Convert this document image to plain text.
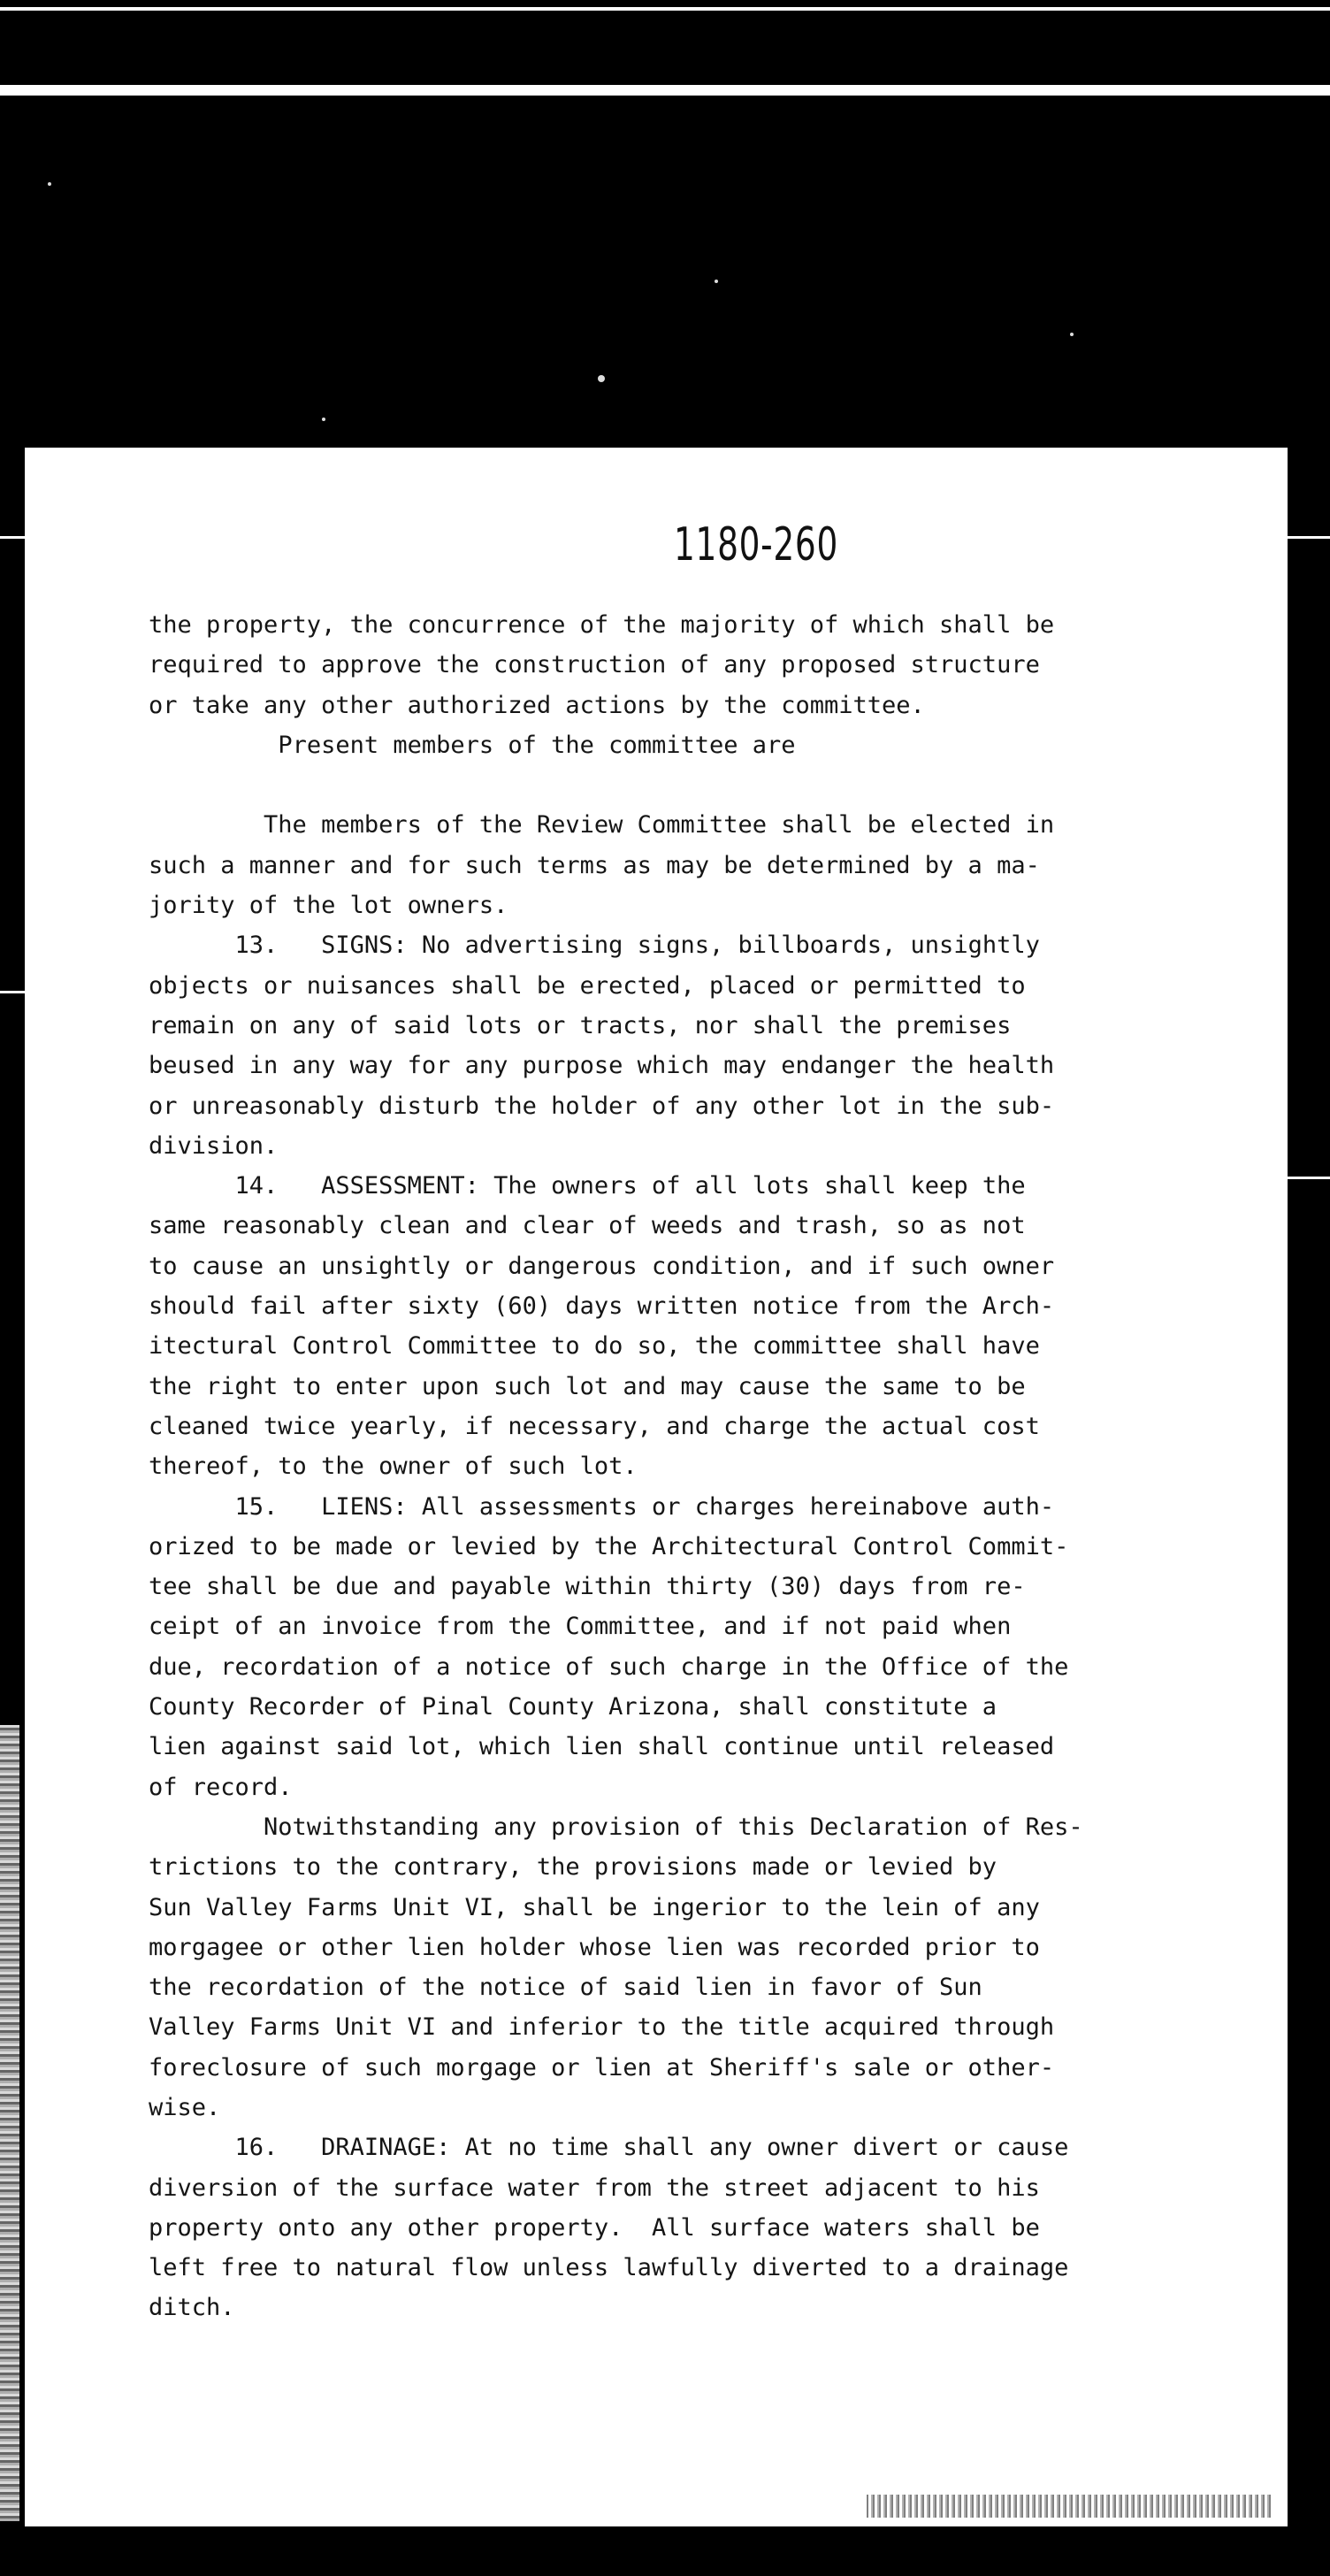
1180-260
the property, the concurrence of the majority of which shall be
required to approve the construction of any proposed structure
or take any other authorized actions by the committee.
Present members of the committee are
The members of the Review Committee shall be elected in
such a manner and for such terms as may be determined by a ma-
jority of the lot owners.
13.   SIGNS: No advertising signs, billboards, unsightly
objects or nuisances shall be erected, placed or permitted to
remain on any of said lots or tracts, nor shall the premises
beused in any way for any purpose which may endanger the health
or unreasonably disturb the holder of any other lot in the sub-
division.
14.   ASSESSMENT: The owners of all lots shall keep the
same reasonably clean and clear of weeds and trash, so as not
to cause an unsightly or dangerous condition, and if such owner
should fail after sixty (60) days written notice from the Arch-
itectural Control Committee to do so, the committee shall have
the right to enter upon such lot and may cause the same to be
cleaned twice yearly, if necessary, and charge the actual cost
thereof, to the owner of such lot.
15.   LIENS: All assessments or charges hereinabove auth-
orized to be made or levied by the Architectural Control Commit-
tee shall be due and payable within thirty (30) days from re-
ceipt of an invoice from the Committee, and if not paid when
due, recordation of a notice of such charge in the Office of the
County Recorder of Pinal County Arizona, shall constitute a
lien against said lot, which lien shall continue until released
of record.
Notwithstanding any provision of this Declaration of Res-
trictions to the contrary, the provisions made or levied by
Sun Valley Farms Unit VI, shall be ingerior to the lein of any
morgagee or other lien holder whose lien was recorded prior to
the recordation of the notice of said lien in favor of Sun
Valley Farms Unit VI and inferior to the title acquired through
foreclosure of such morgage or lien at Sheriff's sale or other-
wise.
16.   DRAINAGE: At no time shall any owner divert or cause
diversion of the surface water from the street adjacent to his
property onto any other property.  All surface waters shall be
left free to natural flow unless lawfully diverted to a drainage
ditch.
